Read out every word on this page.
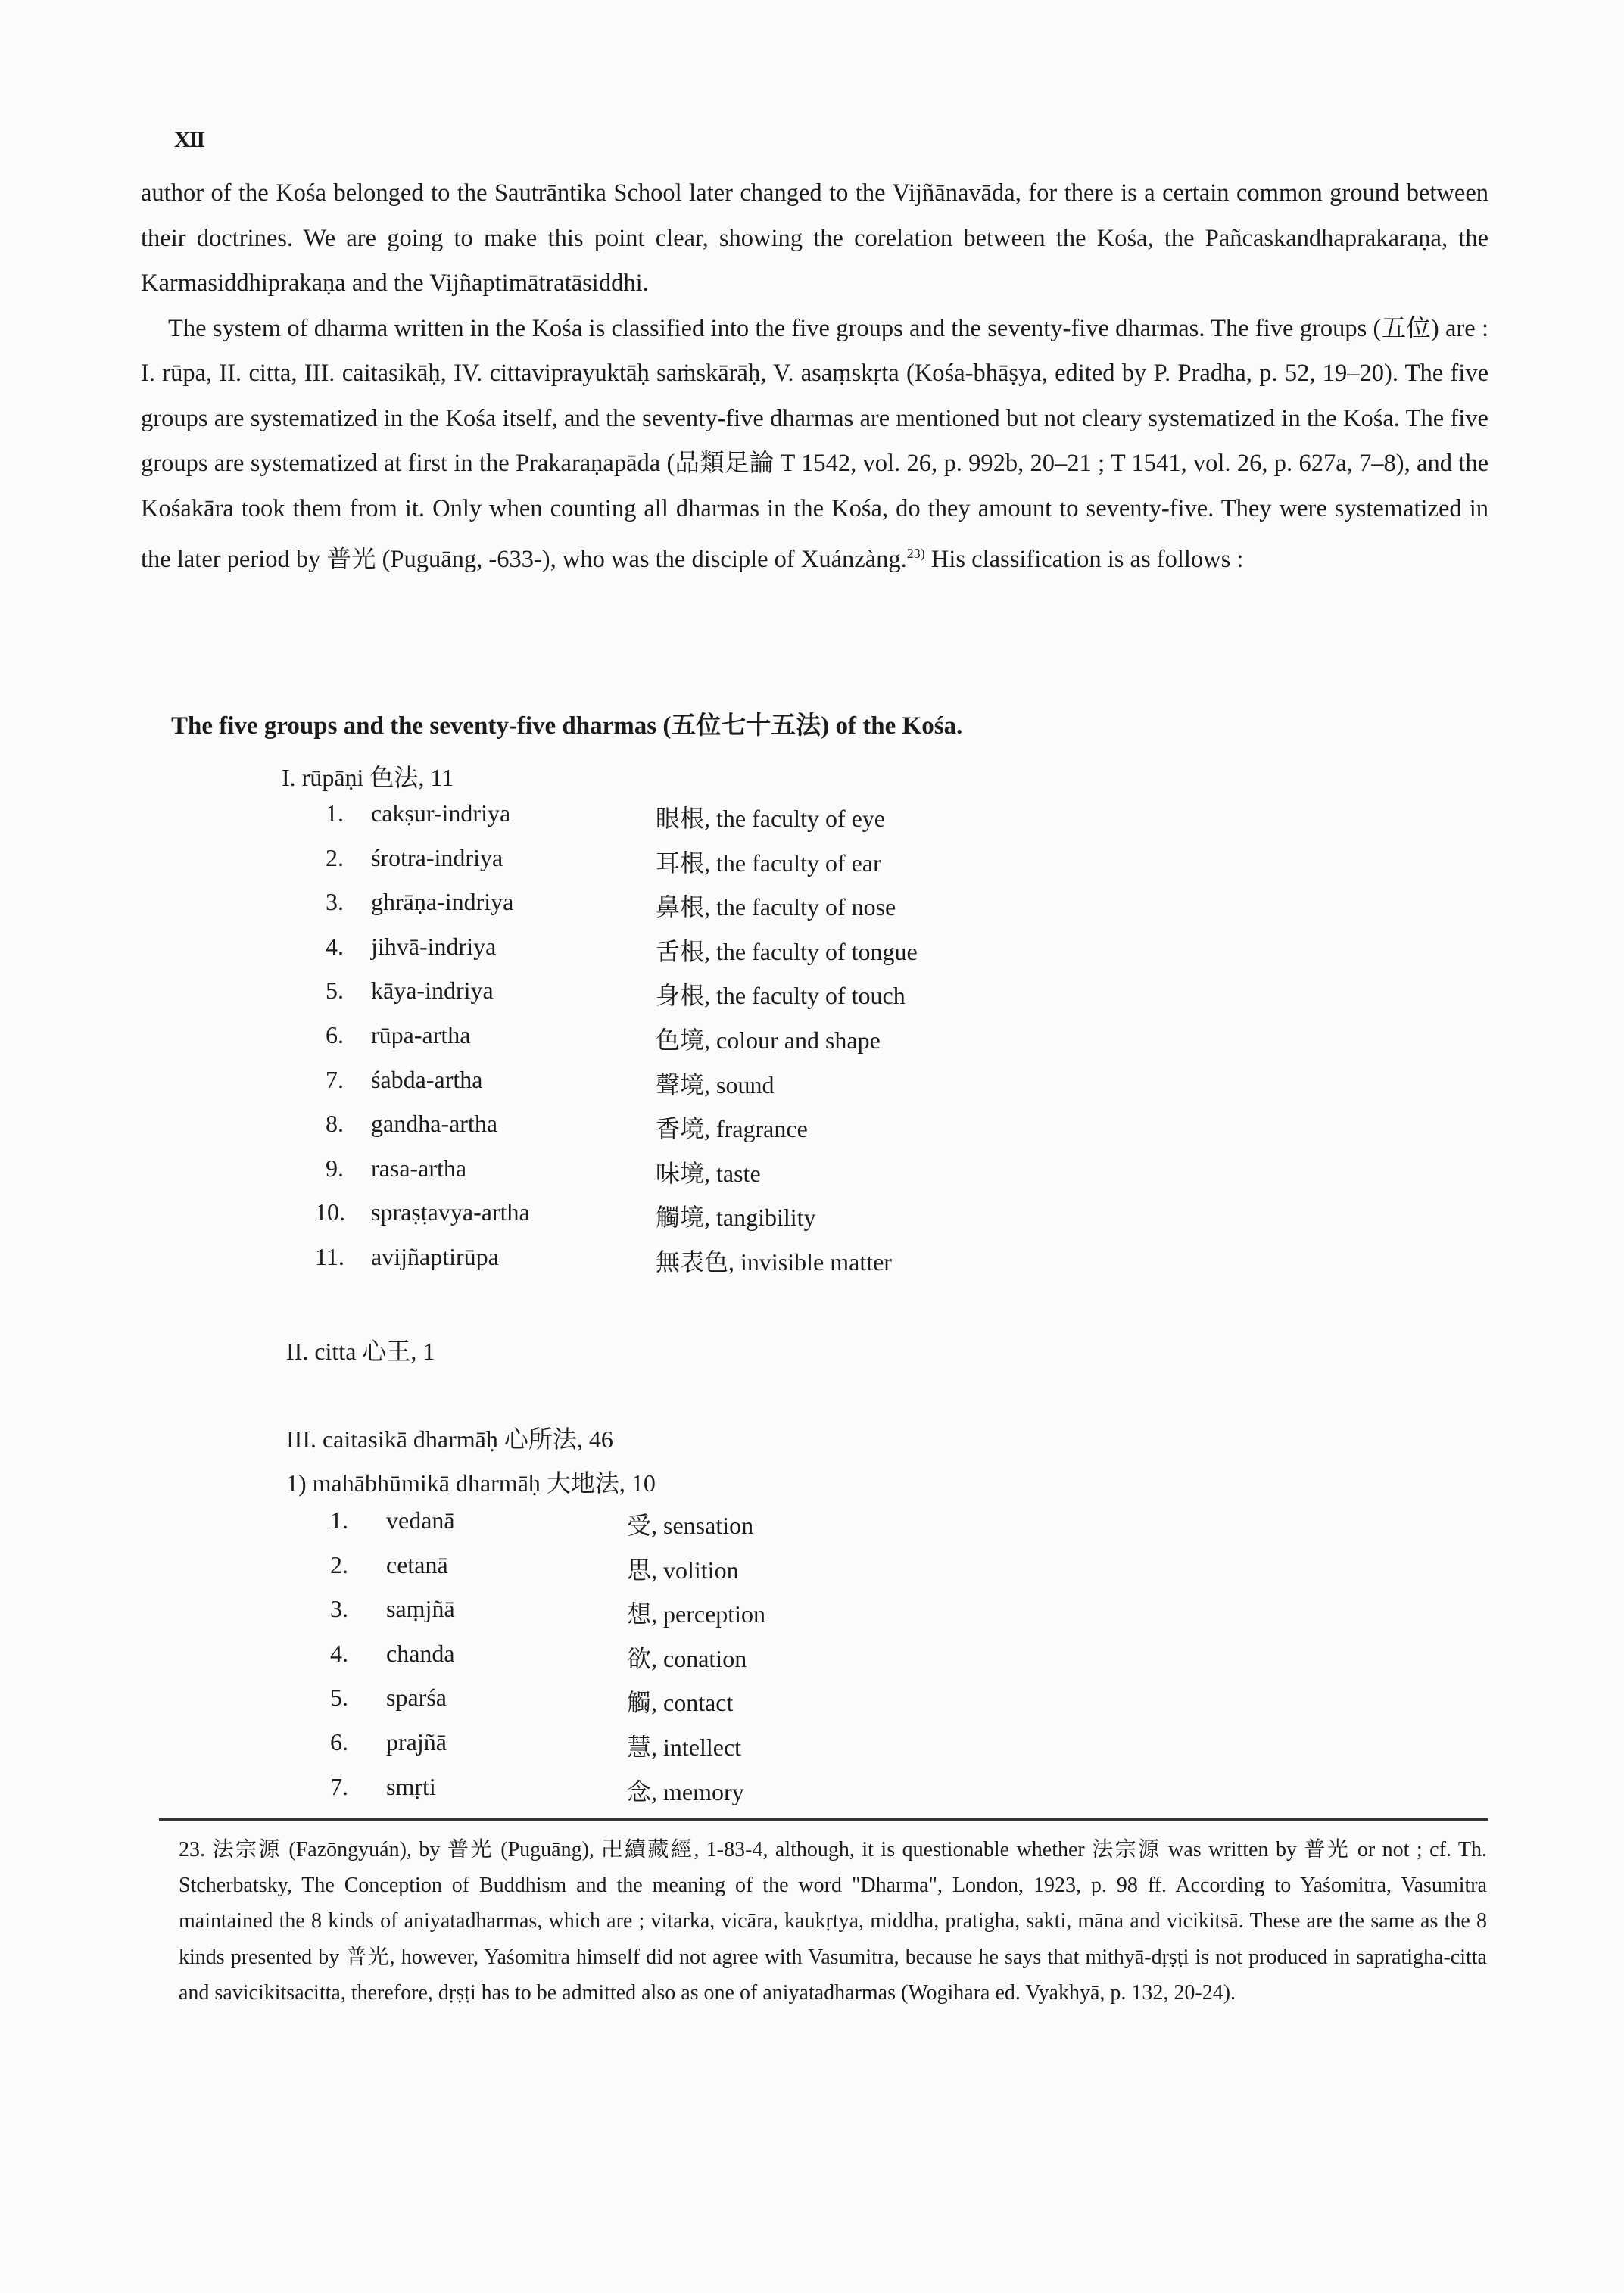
XII

author of the Kośa belonged to the Sautrāntika School later changed to the Vijñānavāda, for there is a certain common ground between their doctrines. We are going to make this point clear, showing the corelation between the Kośa, the Pañcaskandhaprakaraṇa, the Karmasiddhiprakaṇa and the Vijñaptimātratāsiddhi.

The system of dharma written in the Kośa is classified into the five groups and the seventy-five dharmas. The five groups (五位) are : I. rūpa, II. citta, III. caitasikāḥ, IV. cittaviprayuktāḥ saṁskārāḥ, V. asaṃskṛta (Kośa-bhāṣya, edited by P. Pradha, p. 52, 19–20). The five groups are systematized in the Kośa itself, and the seventy-five dharmas are mentioned but not cleary systematized in the Kośa. The five groups are systematized at first in the Prakaraṇapāda (品類足論 T 1542, vol. 26, p. 992b, 20–21 ; T 1541, vol. 26, p. 627a, 7–8), and the Kośakāra took them from it. Only when counting all dharmas in the Kośa, do they amount to seventy-five. They were systematized in the later period by 普光 (Puguāng, -633-), who was the disciple of Xuánzàng.$^{23)}$ His classification is as follows :

The five groups and the seventy-five dharmas (五位七十五法) of the Kośa.
I. rūpāṇi 色法, 11
1. cakṣur-indriya	眼根, the faculty of eye
2. śrotra-indriya	耳根, the faculty of ear
3. ghrāṇa-indriya	鼻根, the faculty of nose
4. jihvā-indriya	舌根, the faculty of tongue
5. kāya-indriya	身根, the faculty of touch
6. rūpa-artha	色境, colour and shape
7. śabda-artha	聲境, sound
8. gandha-artha	香境, fragrance
9. rasa-artha	味境, taste
10. spraṣṭavya-artha	觸境, tangibility
11. avijñaptirūpa	無表色, invisible matter
II. citta 心王, 1
III. caitasikā dharmāḥ 心所法, 46
1) mahābhūmikā dharmāḥ 大地法, 10
1. vedanā	受, sensation
2. cetanā	思, volition
3. saṃjñā	想, perception
4. chanda	欲, conation
5. sparśa	觸, contact
6. prajñā	慧, intellect
7. smṛti	念, memory
23. 法宗源 (Fazōngyuán), by 普光 (Puguāng), 卍續藏經, 1-83-4, although, it is questionable whether 法宗源 was written by 普光 or not ; cf. Th. Stcherbatsky, The Conception of Buddhism and the meaning of the word "Dharma", London, 1923, p. 98 ff. According to Yaśomitra, Vasumitra maintained the 8 kinds of aniyatadharmas, which are ; vitarka, vicāra, kaukṛtya, middha, pratigha, sakti, māna and vicikitsā. These are the same as the 8 kinds presented by 普光, however, Yaśomitra himself did not agree with Vasumitra, because he says that mithyā-dṛṣṭi is not produced in sapratigha-citta and savicikitsacitta, therefore, dṛṣṭi has to be admitted also as one of aniyatadharmas (Wogihara ed. Vyakhyā, p. 132, 20-24).
